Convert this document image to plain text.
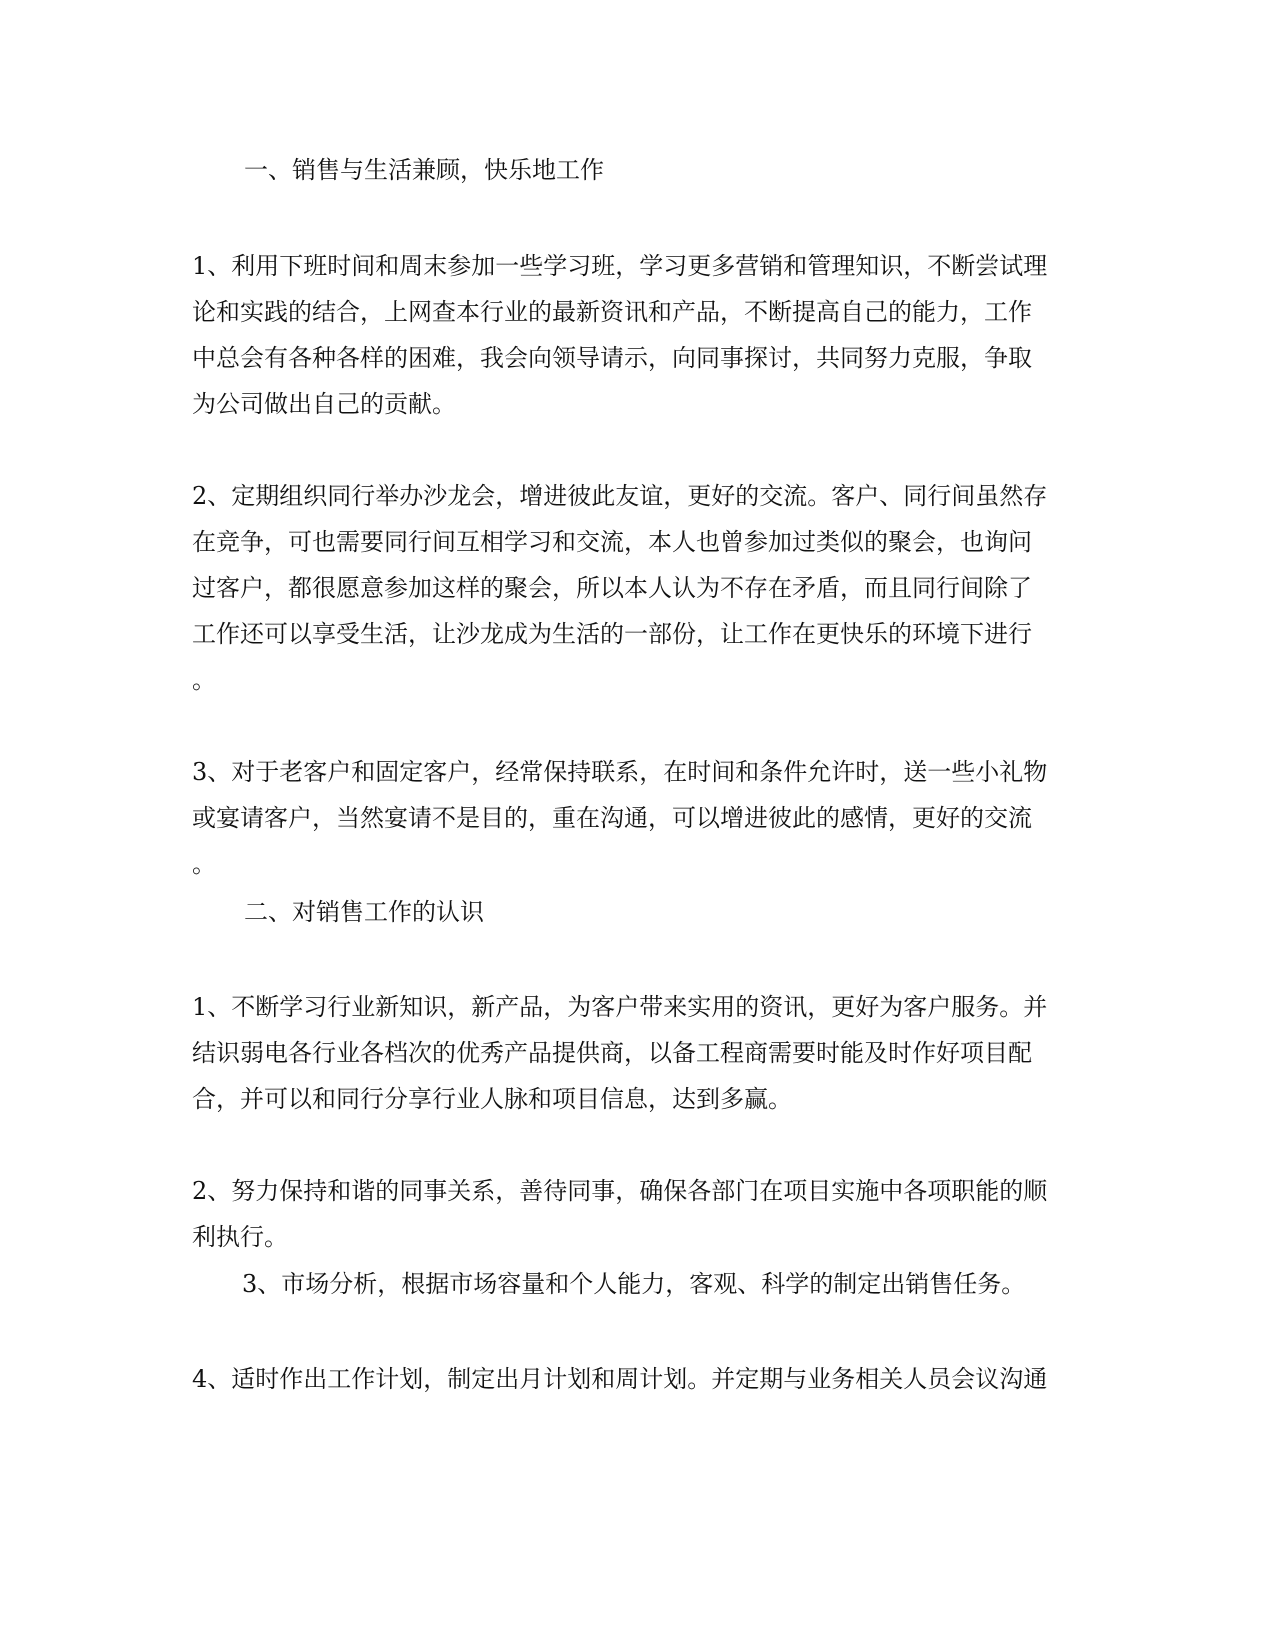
一、销售与生活兼顾，快乐地工作
1、利用下班时间和周末参加一些学习班，学习更多营销和管理知识，不断尝试理
论和实践的结合，上网查本行业的最新资讯和产品，不断提高自己的能力，工作
中总会有各种各样的困难，我会向领导请示，向同事探讨，共同努力克服，争取
为公司做出自己的贡献。
2、定期组织同行举办沙龙会，增进彼此友谊，更好的交流。客户、同行间虽然存
在竞争，可也需要同行间互相学习和交流，本人也曾参加过类似的聚会，也询问
过客户，都很愿意参加这样的聚会，所以本人认为不存在矛盾，而且同行间除了
工作还可以享受生活，让沙龙成为生活的一部份，让工作在更快乐的环境下进行
。
3、对于老客户和固定客户，经常保持联系，在时间和条件允许时，送一些小礼物
或宴请客户，当然宴请不是目的，重在沟通，可以增进彼此的感情，更好的交流
。
二、对销售工作的认识
1、不断学习行业新知识，新产品，为客户带来实用的资讯，更好为客户服务。并
结识弱电各行业各档次的优秀产品提供商，以备工程商需要时能及时作好项目配
合，并可以和同行分享行业人脉和项目信息，达到多赢。
2、努力保持和谐的同事关系，善待同事，确保各部门在项目实施中各项职能的顺
利执行。
3、市场分析，根据市场容量和个人能力，客观、科学的制定出销售任务。
4、适时作出工作计划，制定出月计划和周计划。并定期与业务相关人员会议沟通
